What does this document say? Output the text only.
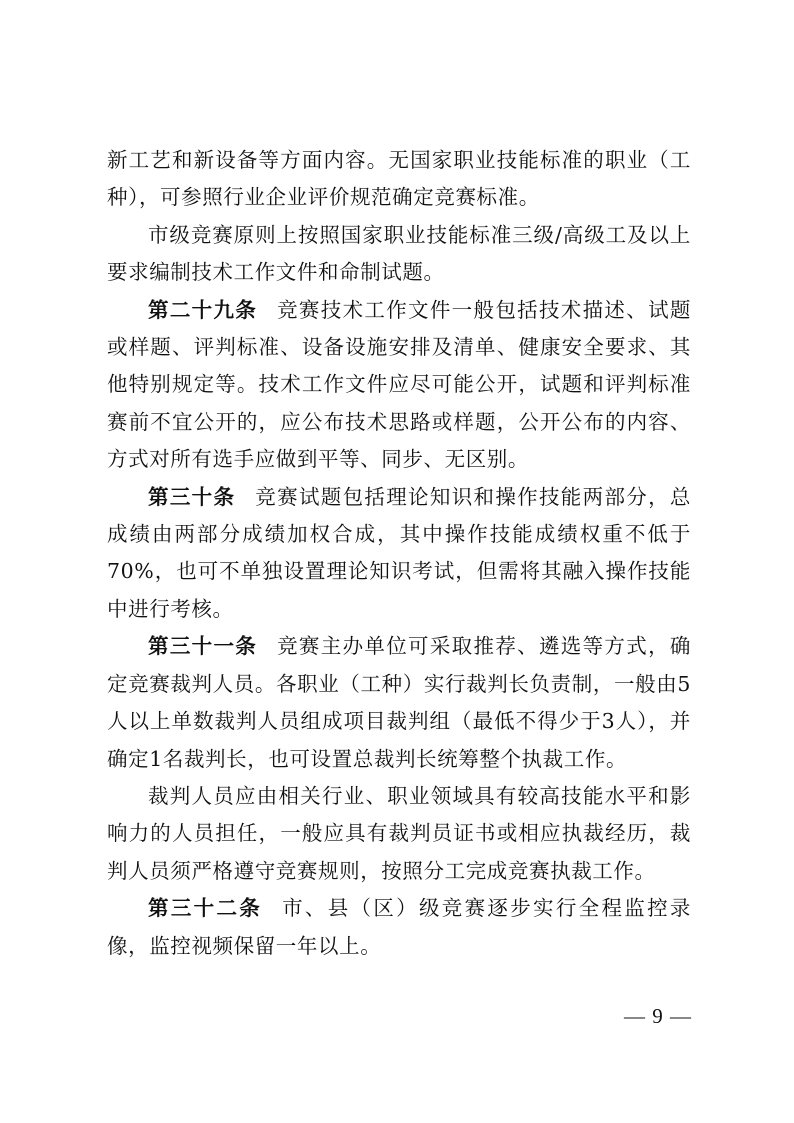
新工艺和新设备等方面内容。无国家职业技能标准的职业（工种），可参照行业企业评价规范确定竞赛标准。

市级竞赛原则上按照国家职业技能标准三级/高级工及以上要求编制技术工作文件和命制试题。

第二十九条 竞赛技术工作文件一般包括技术描述、试题或样题、评判标准、设备设施安排及清单、健康安全要求、其他特别规定等。技术工作文件应尽可能公开，试题和评判标准赛前不宜公开的，应公布技术思路或样题，公开公布的内容、方式对所有选手应做到平等、同步、无区别。

第三十条 竞赛试题包括理论知识和操作技能两部分，总成绩由两部分成绩加权合成，其中操作技能成绩权重不低于70%，也可不单独设置理论知识考试，但需将其融入操作技能中进行考核。

第三十一条 竞赛主办单位可采取推荐、遴选等方式，确定竞赛裁判人员。各职业（工种）实行裁判长负责制，一般由5人以上单数裁判人员组成项目裁判组（最低不得少于3人），并确定1名裁判长，也可设置总裁判长统筹整个执裁工作。

裁判人员应由相关行业、职业领域具有较高技能水平和影响力的人员担任，一般应具有裁判员证书或相应执裁经历，裁判人员须严格遵守竞赛规则，按照分工完成竞赛执裁工作。

第三十二条 市、县（区）级竞赛逐步实行全程监控录像，监控视频保留一年以上。

— 9 —
